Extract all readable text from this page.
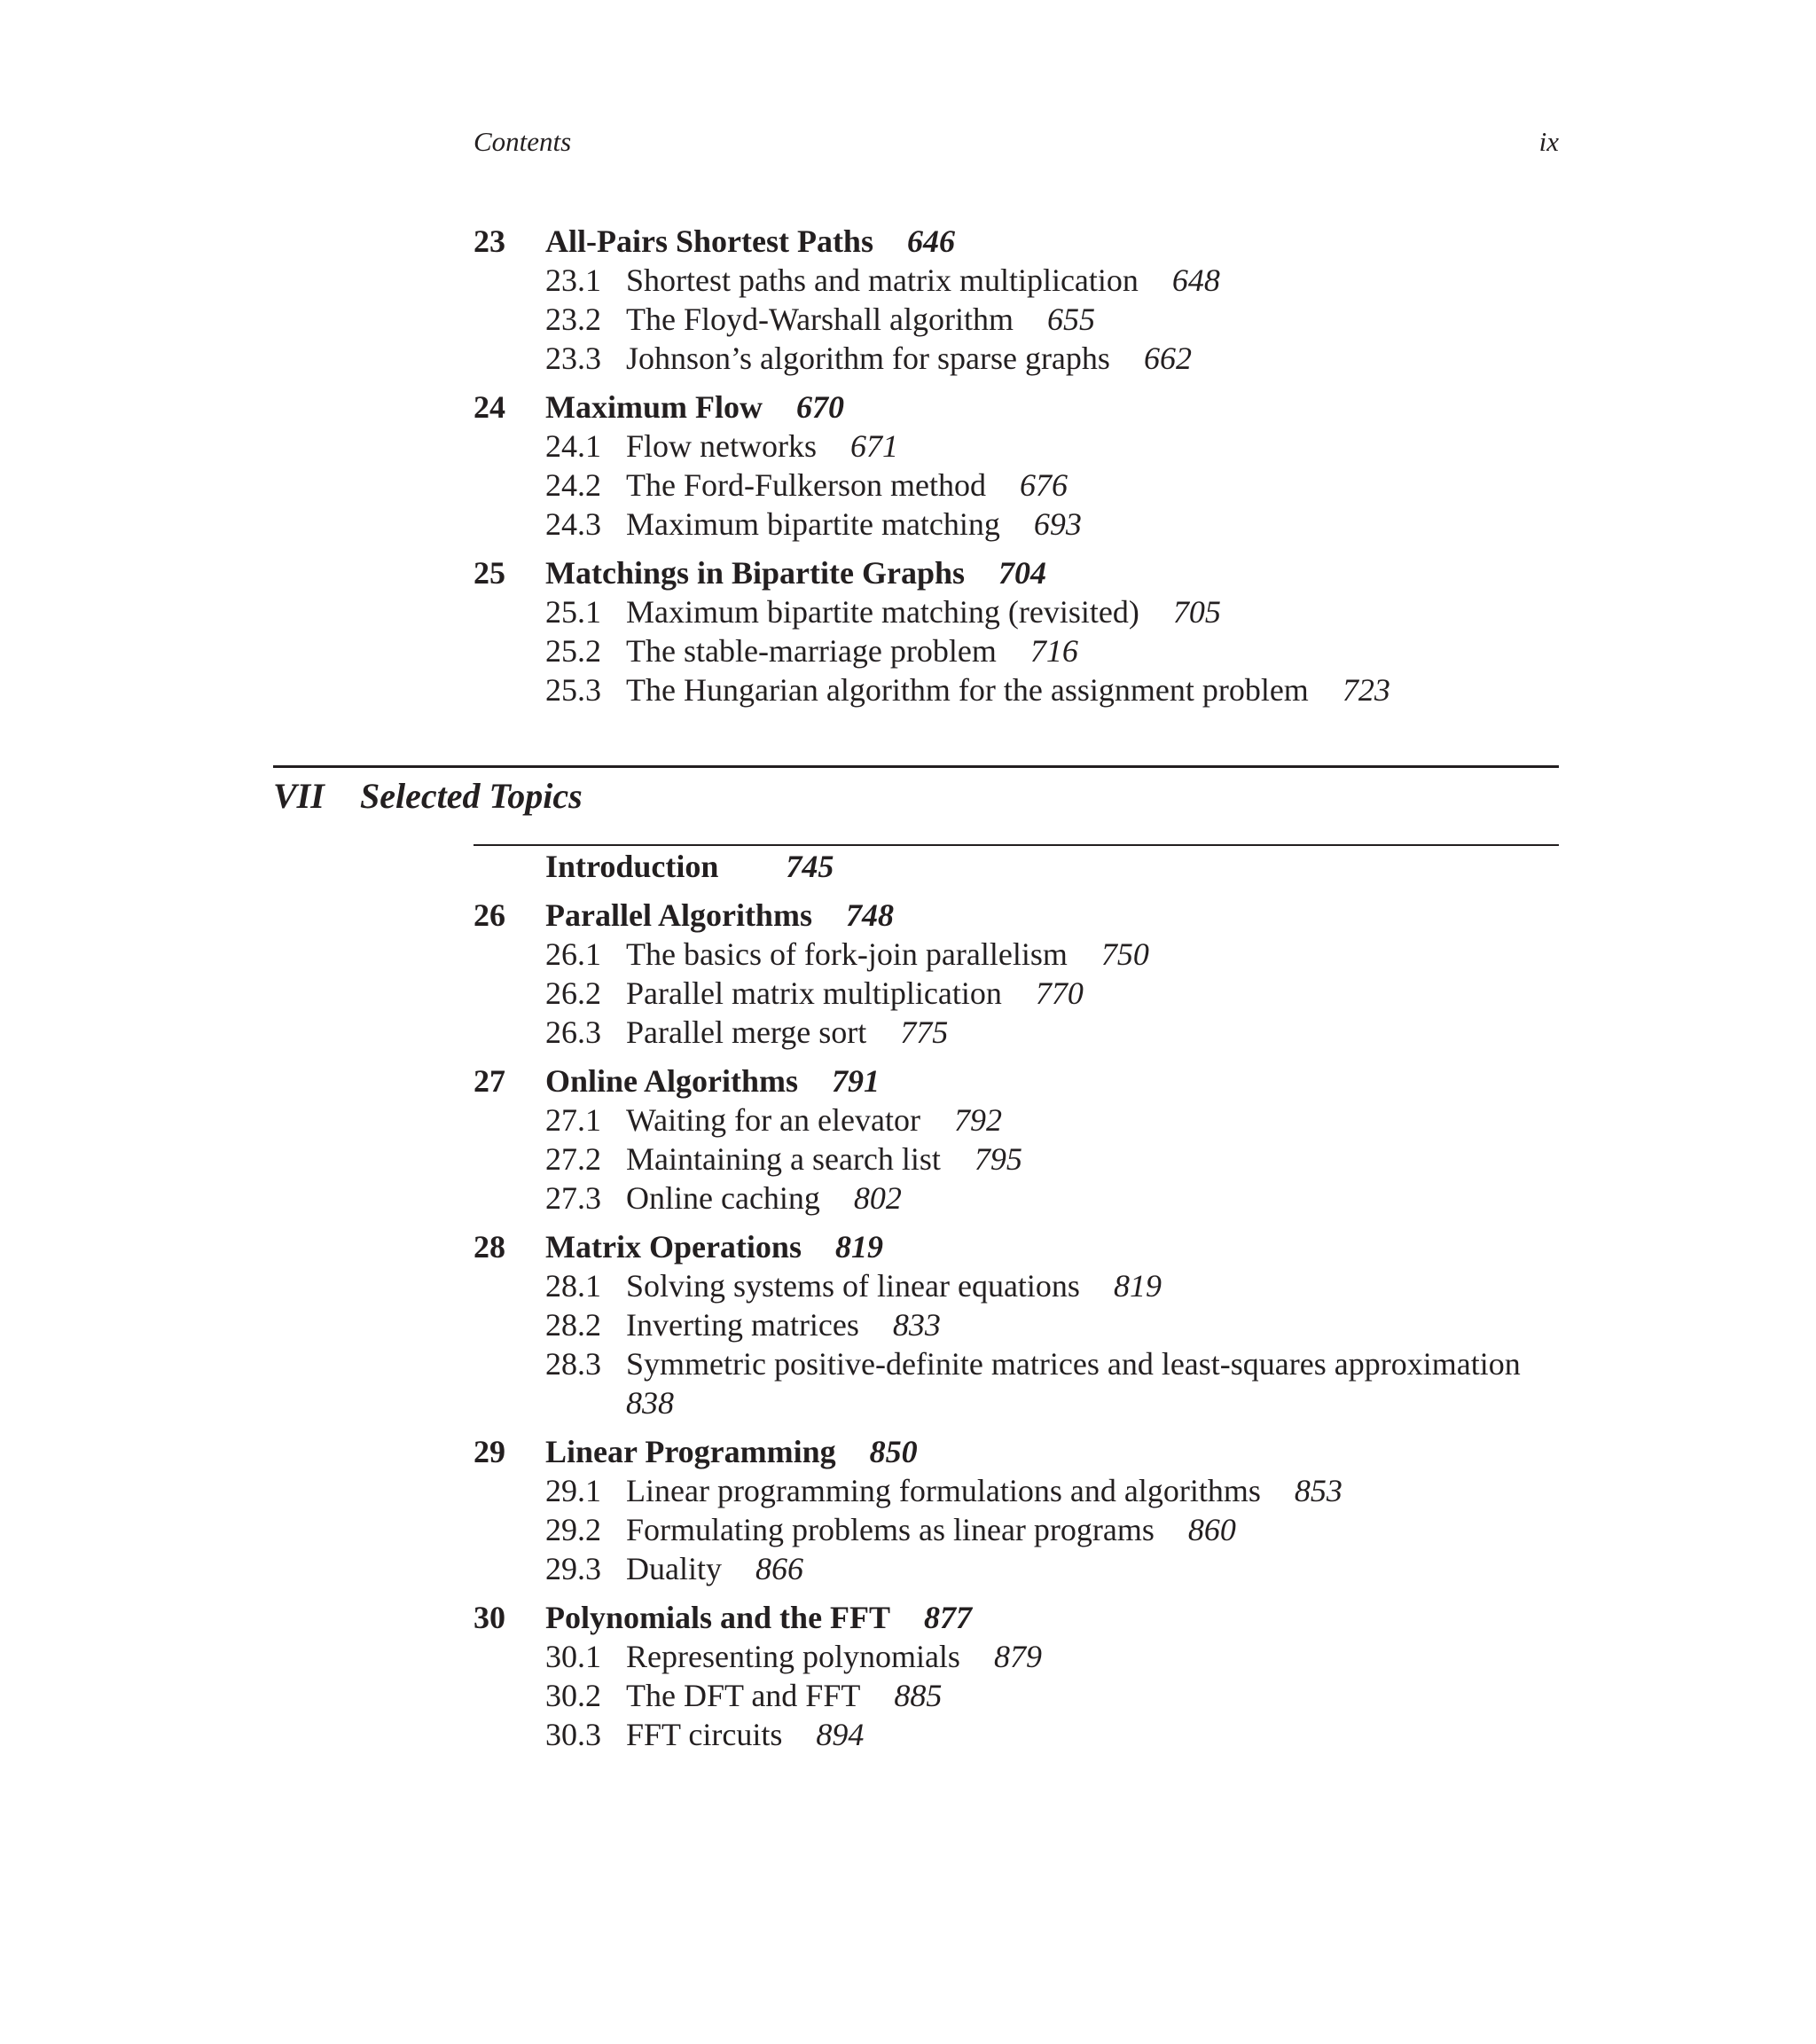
Contents	ix
23	All-Pairs Shortest Paths 646
23.1 Shortest paths and matrix multiplication 648
23.2 The Floyd-Warshall algorithm 655
23.3 Johnson’s algorithm for sparse graphs 662
24	Maximum Flow 670
24.1 Flow networks 671
24.2 The Ford-Fulkerson method 676
24.3 Maximum bipartite matching 693
25	Matchings in Bipartite Graphs 704
25.1 Maximum bipartite matching (revisited) 705
25.2 The stable-marriage problem 716
25.3 The Hungarian algorithm for the assignment problem 723
VII	Selected Topics
Introduction 745
26	Parallel Algorithms 748
26.1 The basics of fork-join parallelism 750
26.2 Parallel matrix multiplication 770
26.3 Parallel merge sort 775
27	Online Algorithms 791
27.1 Waiting for an elevator 792
27.2 Maintaining a search list 795
27.3 Online caching 802
28	Matrix Operations 819
28.1 Solving systems of linear equations 819
28.2 Inverting matrices 833
28.3 Symmetric positive-definite matrices and least-squares approximation
838
29	Linear Programming 850
29.1 Linear programming formulations and algorithms 853
29.2 Formulating problems as linear programs 860
29.3 Duality 866
30	Polynomials and the FFT 877
30.1 Representing polynomials 879
30.2 The DFT and FFT 885
30.3 FFT circuits 894
